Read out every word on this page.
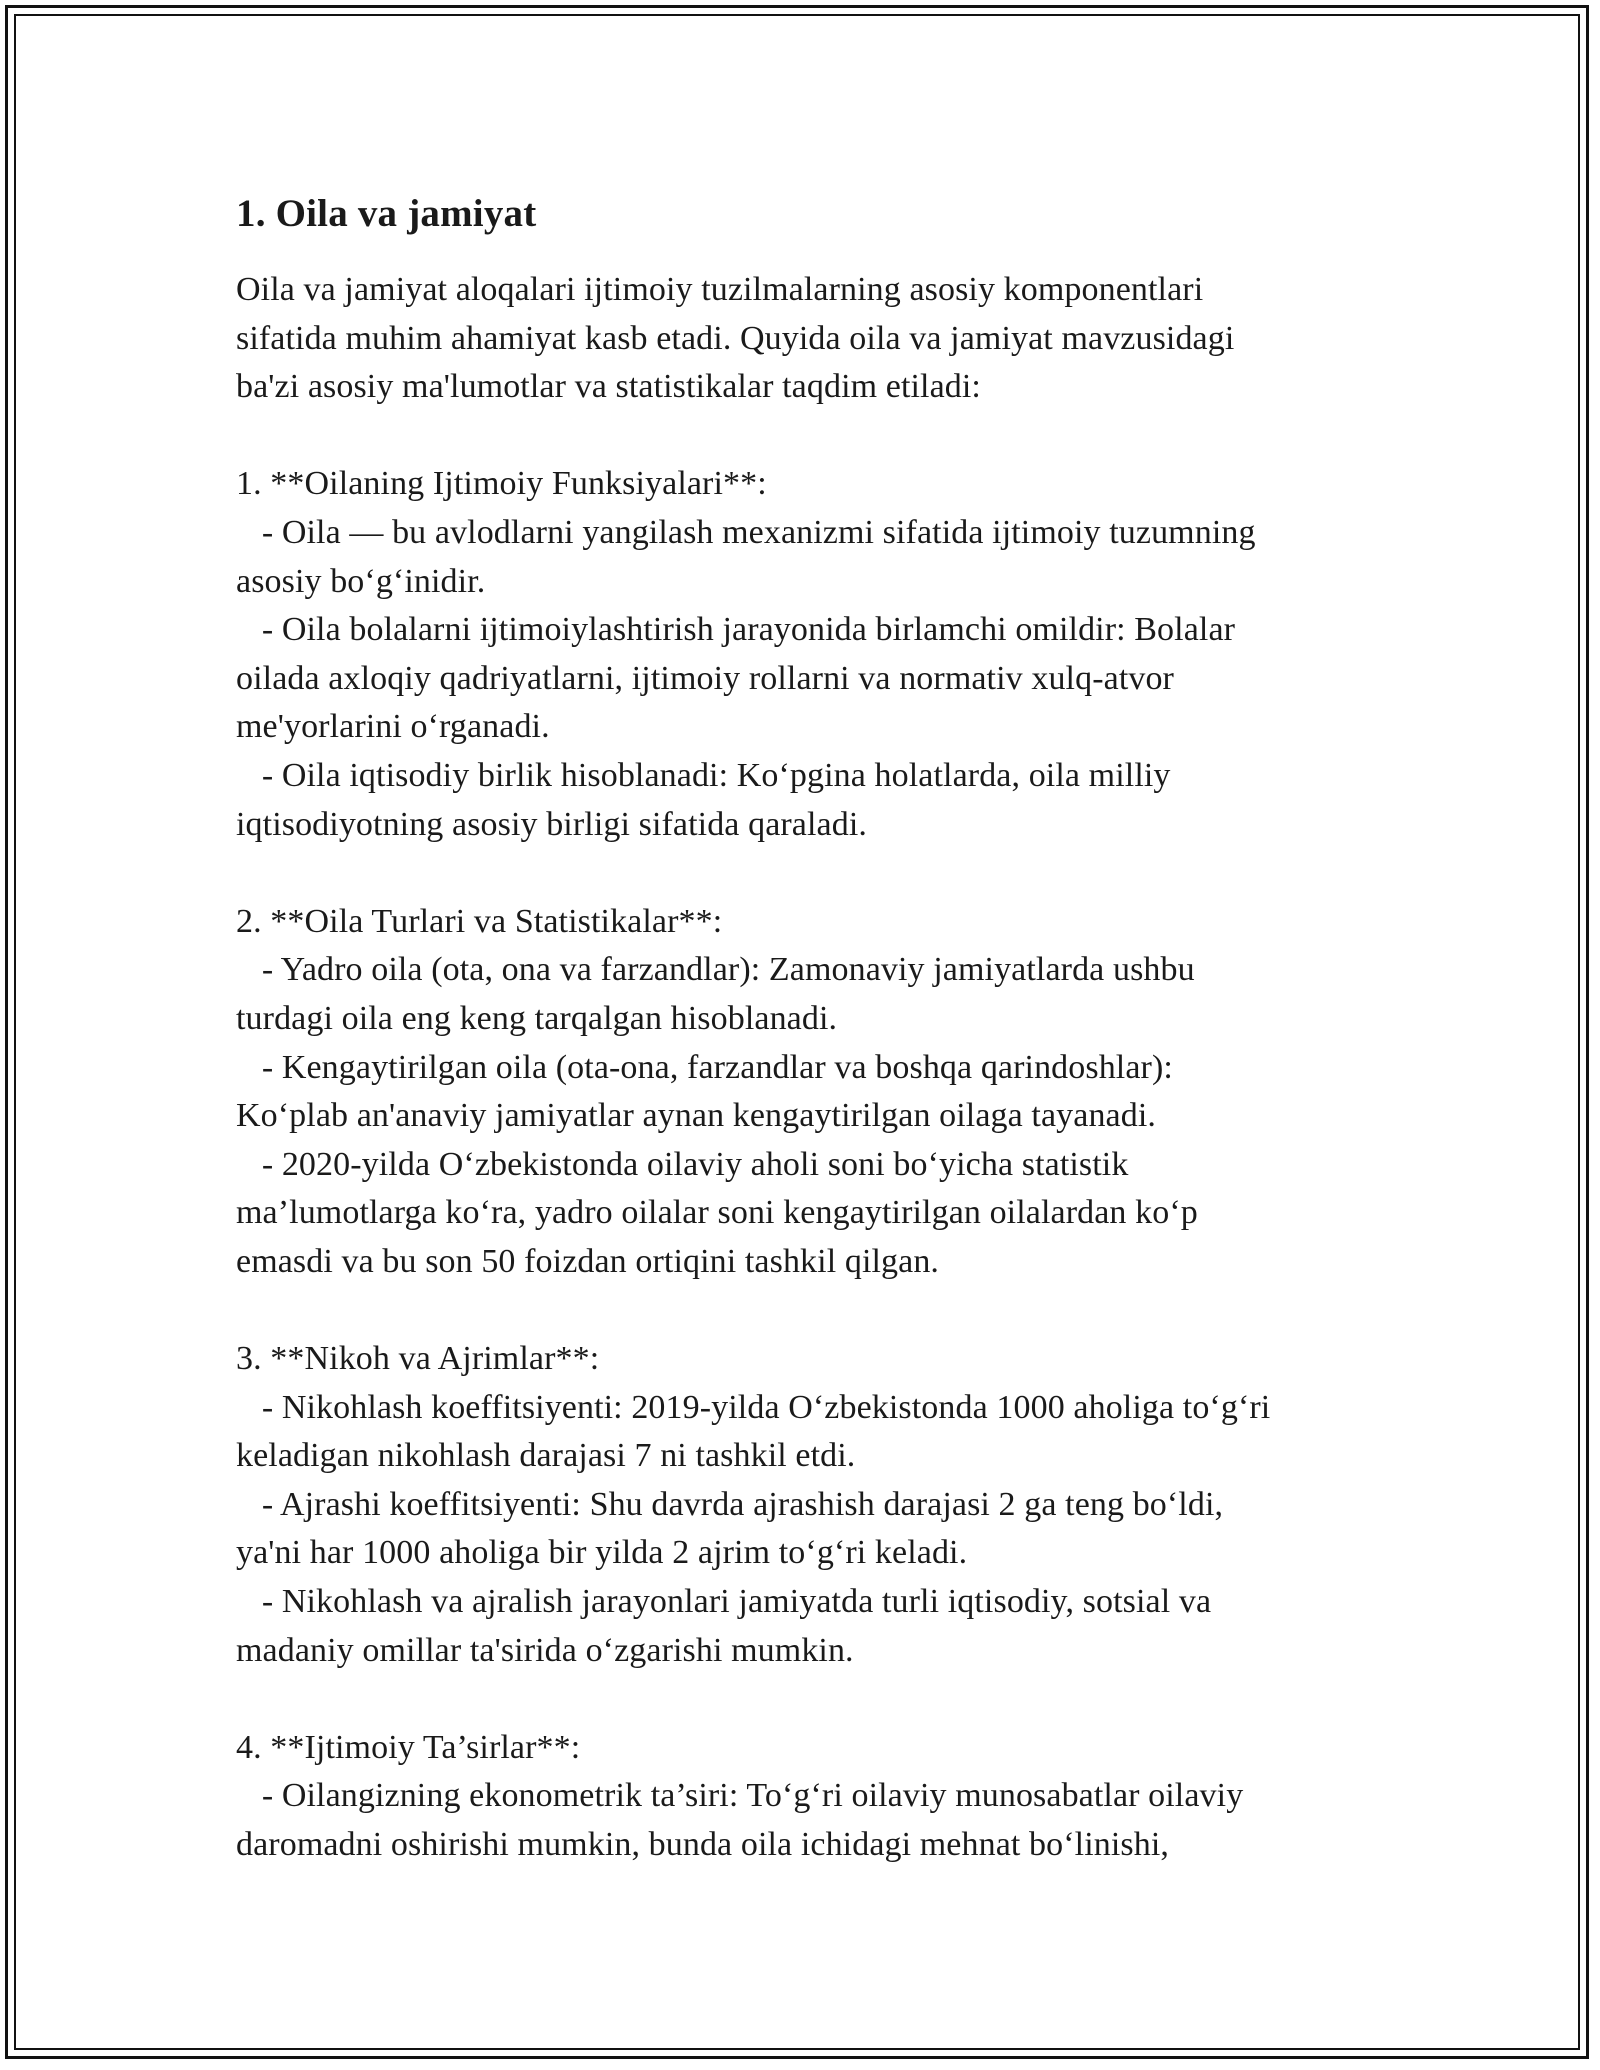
1. Oila va jamiyat
Oila va jamiyat aloqalari ijtimoiy tuzilmalarning asosiy komponentlari
sifatida muhim ahamiyat kasb etadi. Quyida oila va jamiyat mavzusidagi
ba'zi asosiy ma'lumotlar va statistikalar taqdim etiladi:

1. **Oilaning Ijtimoiy Funksiyalari**:
- Oila — bu avlodlarni yangilash mexanizmi sifatida ijtimoiy tuzumning
asosiy bo‘g‘inidir.
- Oila bolalarni ijtimoiylashtirish jarayonida birlamchi omildir: Bolalar
oilada axloqiy qadriyatlarni, ijtimoiy rollarni va normativ xulq-atvor
me'yorlarini o‘rganadi.
- Oila iqtisodiy birlik hisoblanadi: Ko‘pgina holatlarda, oila milliy
iqtisodiyotning asosiy birligi sifatida qaraladi.

2. **Oila Turlari va Statistikalar**:
- Yadro oila (ota, ona va farzandlar): Zamonaviy jamiyatlarda ushbu
turdagi oila eng keng tarqalgan hisoblanadi.
- Kengaytirilgan oila (ota-ona, farzandlar va boshqa qarindoshlar):
Ko‘plab an'anaviy jamiyatlar aynan kengaytirilgan oilaga tayanadi.
- 2020-yilda O‘zbekistonda oilaviy aholi soni bo‘yicha statistik
ma’lumotlarga ko‘ra, yadro oilalar soni kengaytirilgan oilalardan ko‘p
emasdi va bu son 50 foizdan ortiqini tashkil qilgan.

3. **Nikoh va Ajrimlar**:
- Nikohlash koeffitsiyenti: 2019-yilda O‘zbekistonda 1000 aholiga to‘g‘ri
keladigan nikohlash darajasi 7 ni tashkil etdi.
- Ajrashi koeffitsiyenti: Shu davrda ajrashish darajasi 2 ga teng bo‘ldi,
ya'ni har 1000 aholiga bir yilda 2 ajrim to‘g‘ri keladi.
- Nikohlash va ajralish jarayonlari jamiyatda turli iqtisodiy, sotsial va
madaniy omillar ta'sirida o‘zgarishi mumkin.

4. **Ijtimoiy Ta’sirlar**:
- Oilangizning ekonometrik ta’siri: To‘g‘ri oilaviy munosabatlar oilaviy
daromadni oshirishi mumkin, bunda oila ichidagi mehnat bo‘linishi,
